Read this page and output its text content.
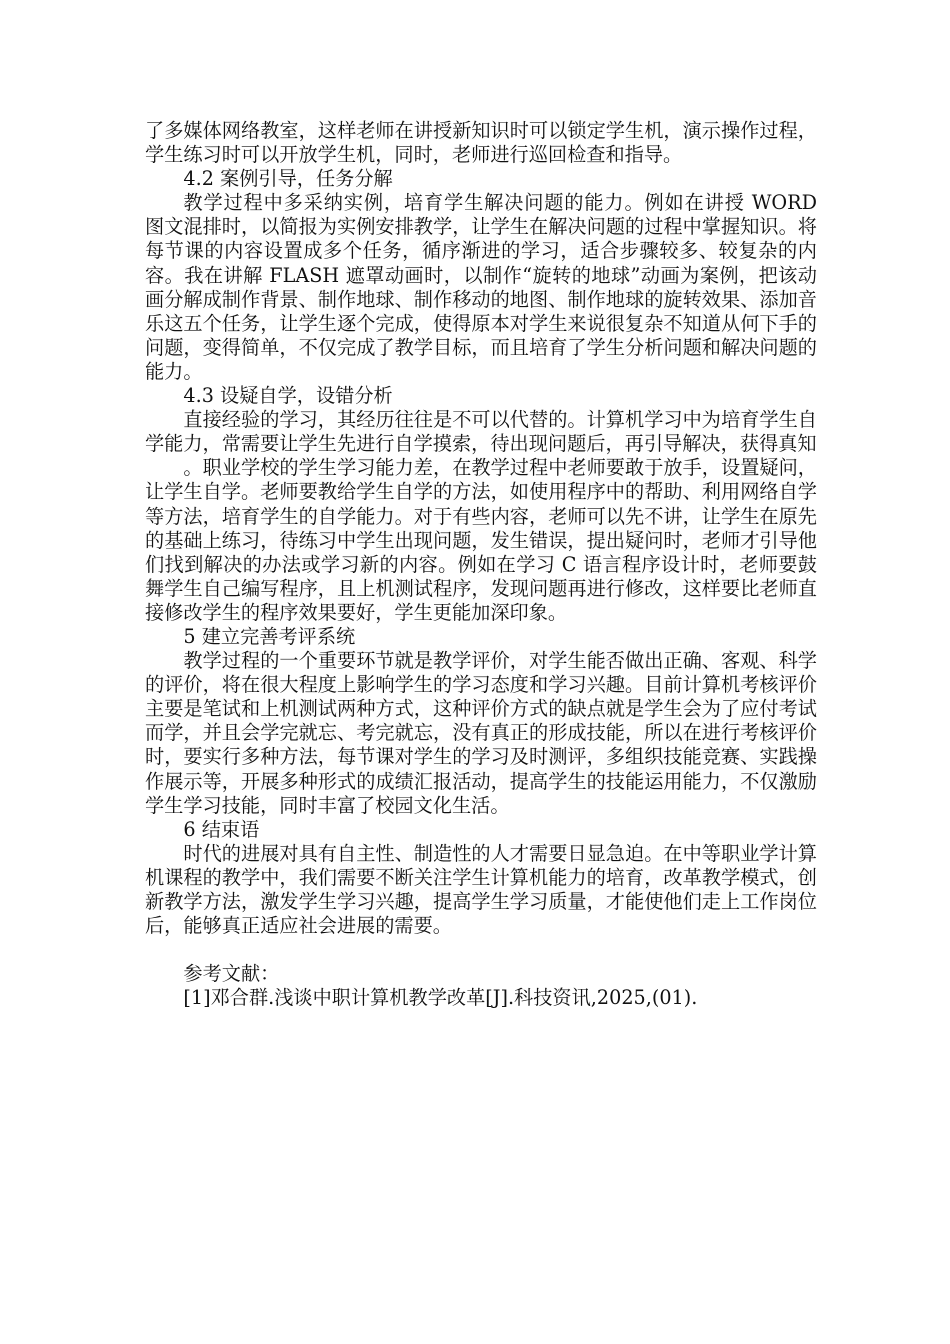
了多媒体网络教室，这样老师在讲授新知识时可以锁定学生机，演示操作过程，学生练习时可以开放学生机，同时，老师进行巡回检查和指导。

4.2 案例引导，任务分解

教学过程中多采纳实例，培育学生解决问题的能力。例如在讲授 WORD 图文混排时，以简报为实例安排教学，让学生在解决问题的过程中掌握知识。将每节课的内容设置成多个任务，循序渐进的学习，适合步骤较多、较复杂的内容。我在讲解 FLASH 遮罩动画时，以制作“旋转的地球”动画为案例，把该动画分解成制作背景、制作地球、制作移动的地图、制作地球的旋转效果、添加音乐这五个任务，让学生逐个完成，使得原本对学生来说很复杂不知道从何下手的问题，变得简单，不仅完成了教学目标，而且培育了学生分析问题和解决问题的能力。

4.3 设疑自学，设错分析

直接经验的学习，其经历往往是不可以代替的。计算机学习中为培育学生自学能力，常需要让学生先进行自学摸索，待出现问题后，再引导解决，获得真知

。职业学校的学生学习能力差，在教学过程中老师要敢于放手，设置疑问，让学生自学。老师要教给学生自学的方法，如使用程序中的帮助、利用网络自学等方法，培育学生的自学能力。对于有些内容，老师可以先不讲，让学生在原先的基础上练习，待练习中学生出现问题，发生错误，提出疑问时，老师才引导他们找到解决的办法或学习新的内容。例如在学习 C 语言程序设计时，老师要鼓舞学生自己编写程序，且上机测试程序，发现问题再进行修改，这样要比老师直接修改学生的程序效果要好，学生更能加深印象。

5 建立完善考评系统

教学过程的一个重要环节就是教学评价，对学生能否做出正确、客观、科学的评价，将在很大程度上影响学生的学习态度和学习兴趣。目前计算机考核评价主要是笔试和上机测试两种方式，这种评价方式的缺点就是学生会为了应付考试而学，并且会学完就忘、考完就忘，没有真正的形成技能，所以在进行考核评价时，要实行多种方法，每节课对学生的学习及时测评，多组织技能竞赛、实践操作展示等，开展多种形式的成绩汇报活动，提高学生的技能运用能力，不仅激励学生学习技能，同时丰富了校园文化生活。

6 结束语

时代的进展对具有自主性、制造性的人才需要日显急迫。在中等职业学计算机课程的教学中，我们需要不断关注学生计算机能力的培育，改革教学模式，创新教学方法，激发学生学习兴趣，提高学生学习质量，才能使他们走上工作岗位后，能够真正适应社会进展的需要。

参考文献：

[1]邓合群.浅谈中职计算机教学改革[J].科技资讯,2025,(01).
